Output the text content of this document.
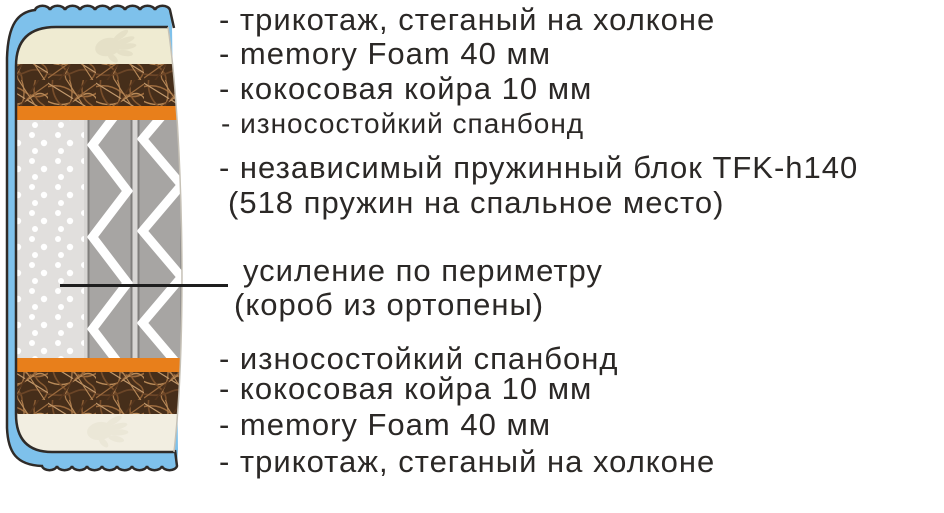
- трикотаж, стеганый на холконе
- memory Foam 40 мм
- кокосовая койра 10 мм
- износостойкий спанбонд
- независимый пружинный блок TFK-h140
(518 пружин на спальное место)
усиление по периметру
(короб из ортопены)
- износостойкий спанбонд
- кокосовая койра 10 мм
- memory Foam 40 мм
- трикотаж, стеганый на холконе
